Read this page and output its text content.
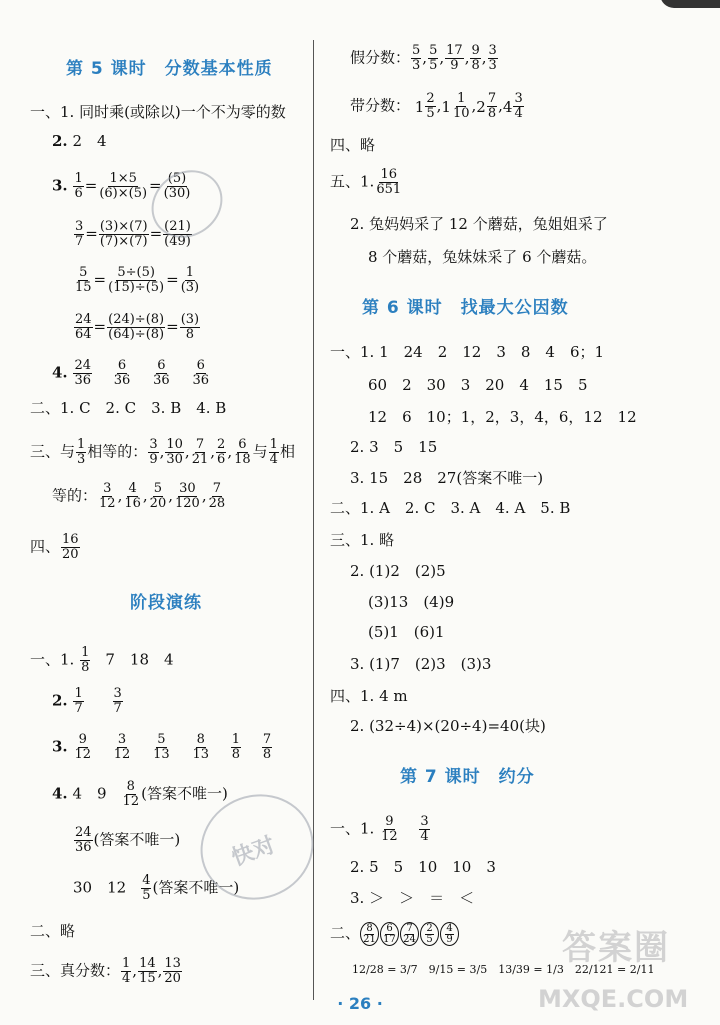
第 5 课时　分数基本性质
一、1. 同时乘(或除以)一个不为零的数
2. 2　4
3. $\frac{1}{6} = \frac{1\times 5}{(6)\times(5)} = \frac{(5)}{(30)}$
$\frac{3}{7} = \frac{(3)\times(7)}{(7)\times(7)} = \frac{(21)}{(49)}$
$\frac{5}{15} = \frac{5\div(5)}{(15)\div(5)} = \frac{1}{(3)}$
$\frac{24}{64} = \frac{(24)\div(8)}{(64)\div(8)} = \frac{(3)}{8}$
4. $\frac{24}{36}$
$\frac{6}{36}$
$\frac{6}{36}$
$\frac{6}{36}$
二、1. C　2. C　3. B　4. B
三、与 $\frac{1}{3}$ 相等的： $\frac{3}{9}$ , $\frac{10}{30}$ , $\frac{7}{21}$ , $\frac{2}{6}$ , $\frac{6}{18}$ 与 $\frac{1}{4}$ 相
等的： $\frac{3}{12}$ , $\frac{4}{16}$ , $\frac{5}{20}$ , $\frac{30}{120}$ , $\frac{7}{28}$
四、 $\frac{16}{20}$
阶段演练
一、1. $\frac{1}{8} 7$　18　4
2. $\frac{1}{7}$
$\frac{3}{7}$
3. $\frac{9}{12}$
$\frac{3}{12}$
$\frac{5}{13}$
$\frac{8}{13}$
$\frac{1}{8}$
$\frac{7}{8}$
4. 4　$9 \frac{8}{12}$ (答案不唯一)
$\frac{24}{36}$ (答案不唯一)
30　$12 \frac{4}{5}$ (答案不唯一)
二、略
三、真分数： $\frac{1}{4}$ , $\frac{14}{15}$ , $\frac{13}{20}$
假分数： $\frac{5}{3}$ , $\frac{5}{5}$ , $\frac{17}{9}$ , $\frac{9}{8}$ , $\frac{3}{3}$
带分数： $1 \frac{2}{5}$ , $1 \frac{1}{10}$ , $2 \frac{7}{8}$ , $4 \frac{3}{4}$
四、略
五、1. $\frac{16}{651}$
2. 兔妈妈采了 12 个蘑菇，兔姐姐采了
8 个蘑菇，兔妹妹采了 6 个蘑菇。
第 6 课时　找最大公因数
一、1. 1　24　2　12　3　8　4　6；1
60　2　30　3　20　4　15　5
12　6　10；1，2，3，4，6，12　12
2. 3　5　15
3. 15　28　27(答案不唯一)
二、1. A　2. C　3. A　4. A　5. B
三、1. 略
2. (1)2　(2)5
(3)13　(4)9
(5)1　(6)1
3. (1)7　(2)3　(3)3
四、1. 4 m
2. (32÷4)×(20÷4)=40(块)
第 7 课时　约分
一、1. $\frac{9}{12}$
$\frac{3}{4}$
2. 5　5　10　10　3
3. ＞　＞　＝　＜
二、 $\frac{8}{21} \frac{6}{17} \frac{7}{24} \frac{2}{5} \frac{4}{9}$
12/28 = 3/7　9/15 = 3/5　13/39 = 1/3　22/121 = 2/11
快对
答案圈
MXQE.COM
· 26 ·
